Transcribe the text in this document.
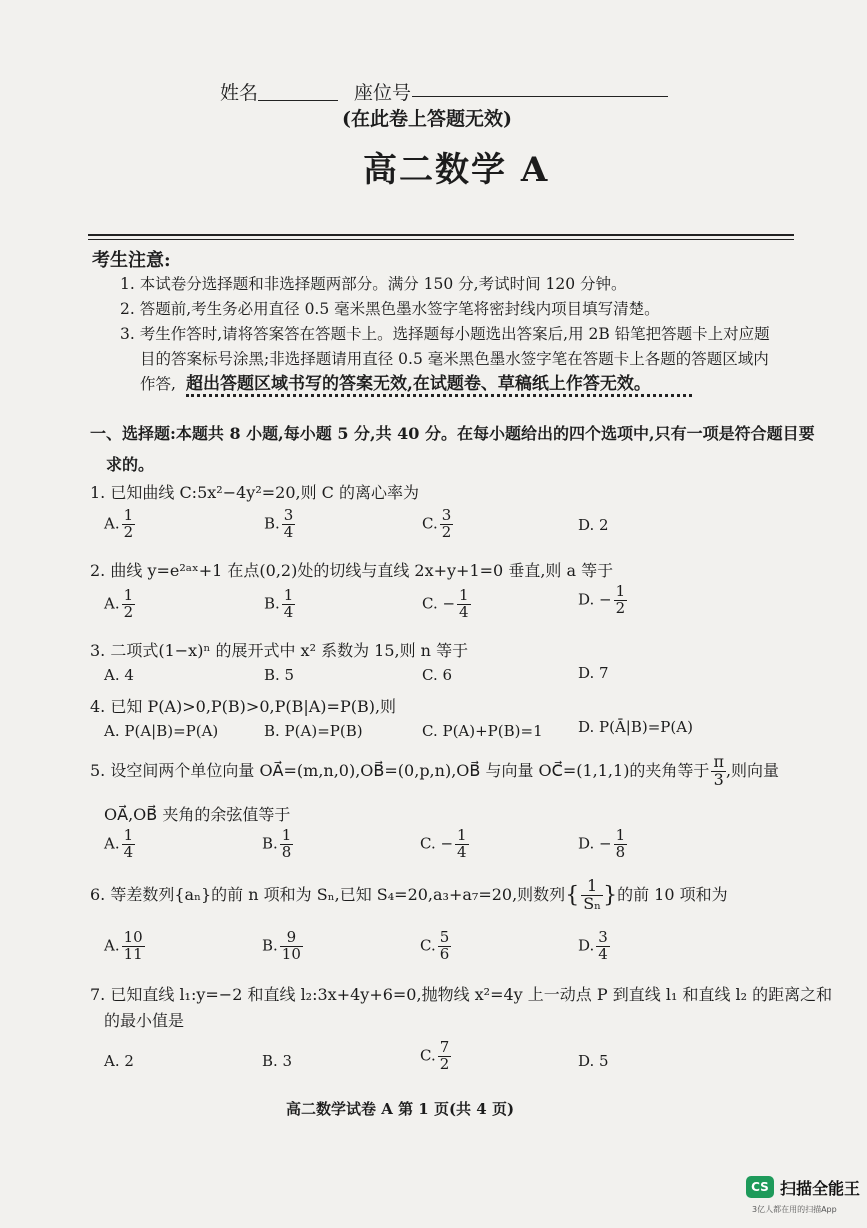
姓名	座位号
(在此卷上答题无效)
高二数学 A
考生注意:
1. 本试卷分选择题和非选择题两部分。满分 150 分,考试时间 120 分钟。
2. 答题前,考生务必用直径 0.5 毫米黑色墨水签字笔将密封线内项目填写清楚。
3. 考生作答时,请将答案答在答题卡上。选择题每小题选出答案后,用 2B 铅笔把答题卡上对应题
目的答案标号涂黑;非选择题请用直径 0.5 毫米黑色墨水签字笔在答题卡上各题的答题区域内
作答, 超出答题区域书写的答案无效,在试题卷、草稿纸上作答无效。
一、选择题:本题共 8 小题,每小题 5 分,共 40 分。在每小题给出的四个选项中,只有一项是符合题目要
求的。
1. 已知曲线 C:5x²−4y²=20,则 C 的离心率为
A. $\frac{1}{2}$	B. $\frac{3}{4}$	C. $\frac{3}{2}$	D. 2
2. 曲线 y=e²ᵃˣ+1 在点(0,2)处的切线与直线 2x+y+1=0 垂直,则 a 等于
A. $\frac{1}{2}$	B. $\frac{1}{4}$	C. − $\frac{1}{4}$	D. − $\frac{1}{2}$
3. 二项式(1−x)ⁿ 的展开式中 x² 系数为 15,则 n 等于
A. 4	B. 5	C. 6	D. 7
4. 已知 P(A)>0,P(B)>0,P(B|A)=P(B),则
A. P(A|B)=P(A)	B. P(A)=P(B)	C. P(A)+P(B)=1 D. P(Ā|B)=P(A)
5. 设空间两个单位向量 OA⃗=(m,n,0),OB⃗=(0,p,n),OB⃗ 与向量 OC⃗=(1,1,1)的夹角等于 $\frac{\pi}{3}$ ,则向量
OA⃗,OB⃗ 夹角的余弦值等于
A. $\frac{1}{4}$	B. $\frac{1}{8}$	C. − $\frac{1}{4}$	D. − $\frac{1}{8}$
6. 等差数列{aₙ}的前 n 项和为 Sₙ,已知 S₄=20,a₃+a₇=20,则数列{ $\frac{1}{\text{Sₙ}}$ }的前 10 项和为
A. $\frac{10}{11}$	B. $\frac{9}{10}$	C. $\frac{5}{6}$	D. $\frac{3}{4}$
7. 已知直线 l₁:y=−2 和直线 l₂:3x+4y+6=0,抛物线 x²=4y 上一动点 P 到直线 l₁ 和直线 l₂ 的距离之和
的最小值是
A. 2	B. 3	C. $\frac{7}{2}$	D. 5
高二数学试卷 A 第 1 页(共 4 页)
CS 扫描全能王
3亿人都在用的扫描App
